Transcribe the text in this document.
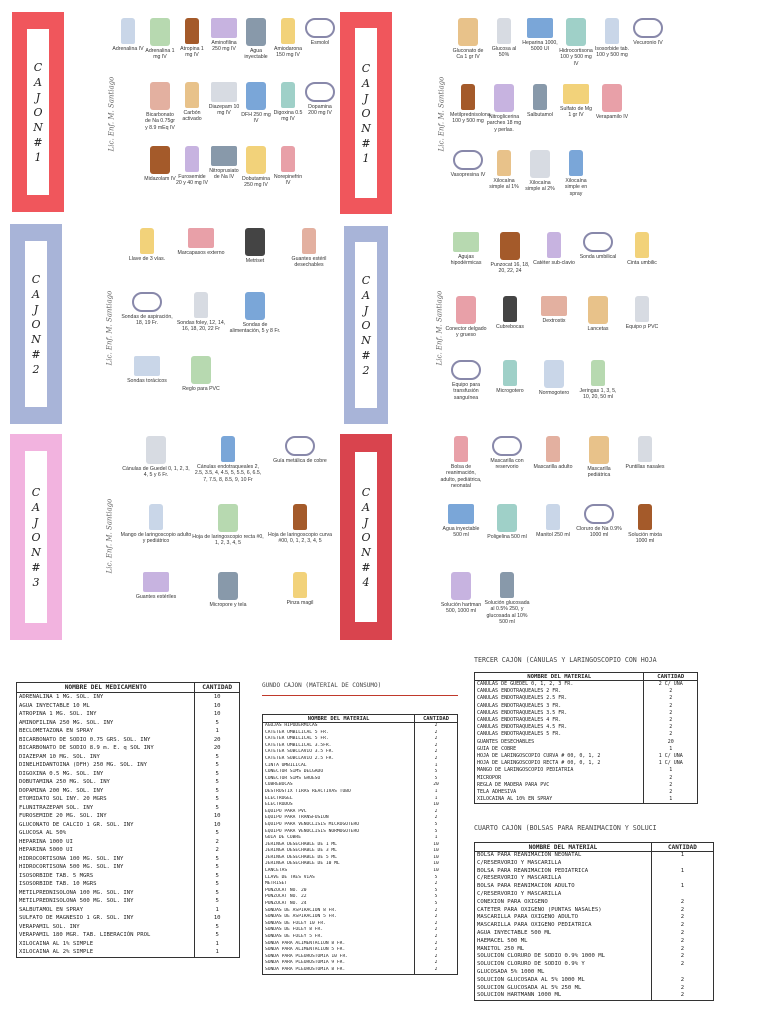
C
A
J
O
N
#
1
Lic. Enf. M. Santiago
Adrenalina IV Adrenalina 1 mg IV
Atropina 1 mg IV
Aminofilina 250 mg IV	Agua inyectable
Amiodarona 150 mg IV
Esmolol
Bicarbonato de Na 0.75gr y 8.9 mEq IV
Carbón activado
Diazepam 10 mg IV	DFH 250 mg IV
Digoxina 0.5 mg IV
Dopamina 200 mg IV
Midazolam IV Furosemide 20 y 40 mg IV
Nitroprusiato de Na IV	Dobutamina 250 mg IV
Norepinefrin IV
C
A
J
O
N
#
1
Lic. Enf. M. Santiago
Gluconato de Ca 1 gr IV
Glucosa al 50%
Heparina 1000, 5000 UI	Hidrocortisona 100 y 500 mg IV
Isosorbide tab. 100 y 500 mg
Vecuronio IV
Metilprednisolona 100 y 500 mg
Nitroglicerina parches 18 mg y perlas.
Salbutamol
Sulfato de Mg 1 gr IV	Verapamilo IV
Vasopresina IV
Xilocaína simple al 1%
Xilocaína simple al 2%
Xilocaína simple en spray
C
A
J
O
N
#
2
Lic. Enf. M. Santiago
Llave de 3 vías.
Marcapasos externo
Metriset	Guantes estéril desechables
Sondas de aspiración, 18, 19 Fr.	Sondas foley, 12, 14, 16, 18, 20, 22 Fr
Sondas de alimentación, 5 y 8 Fr.
Sondas torácicos
Reglo para PVC
C
A
J
O
N
#
2
Lic. Enf. M. Santiago
Agujas hipodérmicas	Punzocat 16, 18, 20, 22, 24
Catéter sub-clavio
Sonda umbilical
Cinta umbilic
Conector delgado y grueso
Cubrebocas
Dextrostix
Lancetas	Equipo p PVC
Equipo para transfusión sanguínea
Microgotero	Normogotero	Jeringas 1, 3, 5, 10, 20, 50 ml
C
A
J
O
N
#
3
Lic. Enf. M. Santiago
Cánulas de Guedel 0, 1, 2, 3, 4, 5 y 6 Fr.
Cánulas endotraqueales 2, 2.5, 3.5, 4, 4.5, 5, 5.5, 6, 6.5, 7, 7.5, 8, 8.5, 9, 10 Fr
Guía metálica de cobre
Mango de laringoscopio adulto y pediátrico
Hoja de laringoscopio recta #0, 1, 2, 3, 4, 5
Hoja de laringoscopio curva #00, 0, 1, 2, 3, 4, 5
Guantes estériles
Micropore y tela	Pinza magil
C
A
J
O
N
#
4
Bolsa de reanimación, adulto, pediátrica, neonatal
Mascarilla con reservorio	Mascarilla adulto	Mascarilla pediátrica
Puntillas nasales
Agua inyectable 500 ml	Poligelina 500 ml	Manitol 250 ml
Cloruro de Na 0.9% 1000 ml	Solución mixta 1000 ml
Solución hartman 500, 1000 ml
Solución glucosada al 0.5% 250, y glucosada al 10% 500 ml
NOMBRE DEL MEDICAMENTO	CANTIDAD
ADRENALINA 1 MG. SOL. INY	10
AGUA INYECTABLE 10 ML	10
ATROPINA 1 MG. SOL. INY	10
AMINOFILINA 250 MG. SOL. INY	5
BECLOMETAZONA EN SPRAY	1
BICARBONATO DE SODIO 0.75 GRS. SOL. INY	20
BICARBONATO DE SODIO 8.9 m. E. q SOL INY	20
DIAZEPAM 10 MG. SOL. INY	5
DINELHIDANTOINA (DFH) 250 MG. SOL. INY	5
DIGOXINA 0.5 MG. SOL. INY	5
DOBUTAMINA 250 MG. SOL. INY	5
DOPAMINA 200 MG. SOL. INY	5
ETOMIDATO SOL INY. 20 MGRS	5
FLUNITRAZEPAM SOL. INY	5
FUROSEMIDE 20 MG. SOL. INY	10
GLUCONATO DE CALCIO 1 GR. SOL. INY	10
GLUCOSA AL 50%	5
HEPARINA 1000 UI	2
HEPARINA 5000 UI	2
HIDROCORTISONA 100 MG. SOL. INY	5
HIDROCORTISONA 500 MG. SOL. INY	5
ISOSORBIDE TAB. 5 MGRS	5
ISOSORBIDE TAB. 10 MGRS	5
METILPREDNISOLONA 100 MG. SOL. INY	5
METILPREDNISOLONA 500 MG. SOL. INY	5
SALBUTAMOL EN SPRAY	1
SULFATO DE MAGNESIO 1 GR. SOL. INY	10
VERAPAMIL SOL. INY	5
VERAPAMIL 180 MGR. TAB. LIBERACIÓN PROL	5
XILOCAINA AL 1% SIMPLE	1
XILOCAINA AL 2% SIMPLE	1
GUNDO CAJÓN (MATERIAL DE CONSUMO)
NOMBRE DEL MATERIAL	CANTIDAD
AGUJAS HIPODERMICAS	2
CATETER UMBILICAL 5 FR.	2
CATETER UMBILICAL 5 FR.	2
CATETER UMBILICAL 3.5FR.	2
CATETER SUBCLAVIO 3.5 FR.	2
CATETER SUBCLAVIO 2.5 FR.	2
CINTA UMBILICAL	1
CONECTOR SIMS DELGADO	5
CONECTOR SIMS GRUESO	5
CUBREBOCAS	20
DESTROSTIX TIRAS REACTIVAS TUBO	1
ELECTROGEL	1
ELECTRODOS	10
EQUIPO PARA PVC	2
EQUIPO PARA TRANSFUSION	2
EQUIPO PARA VENOCLISIS MICROGOTERO	5
EQUIPO PARA VENOCLISIS NORMOGOTERO	5
GUIA DE COBRE	1
JERINGA DESECHABLE DE 1 ML	10
JERINGA DESECHABLE DE 3 ML	10
JERINGA DESECHABLE DE 5 ML	10
JERINGA DESECHABLE DE 10 ML	10
LANCETAS	10
LLAVE DE TRES VIAS	5
METRISET	2
PUNZOCAT NO. 20	5
PUNZOCAT NO. 22	5
PUNZOCAT NO. 24	5
SONDAS DE ASPIRACION 8 FR.	2
SONDAS DE ASPIRACION 5 FR.	2
SONDAS DE FOLEY 10 FR.	2
SONDAS DE FOLEY 8 FR.	2
SONDAS DE FOLEY 5 FR.	2
SONDA PARA ALIMENTACION 8 FR.	2
SONDA PARA ALIMENTACION 5 FR.	2
SONDA PARA PLEUROSTOMIA 10 FR.	2
SONDA PARA PLEUROSTOMIA 9 FR.	2
SONDA PARA PLEUROSTOMIA 8 FR.	2
TERCER CAJÓN (CÁNULAS Y LARINGOSCOPIO CON HOJA
NOMBRE DEL MATERIAL	CANTIDAD
CANULAS DE GUEDEL 0, 1, 2, 3 FR.	2 C/ UNA
CANULAS ENDOTRAQUEALES 2 FR.	2
CANULAS ENDOTRAQUEALES 2.5 FR.	2
CANULAS ENDOTRAQUEALES 3 FR.	2
CANULAS ENDOTRAQUEALES 3.5 FR.	2
CANULAS ENDOTRAQUEALES 4 FR.	2
CANULAS ENDOTRAQUEALES 4.5 FR.	2
CANULAS ENDOTRAQUEALES 5 FR.	2
GUANTES DESECHABLES	20
GUIA DE COBRE	1
HOJA DE LARINGOSCOPIO CURVA # 00, 0, 1, 2	1 C/ UNA
HOJA DE LARINGOSCOPIO RECTA # 00, 0, 1, 2	1 C/ UNA
MANGO DE LARINGOSCOPIO PEDIATRIA	1
MICROPOR	2
REGLA DE MADERA PARA PVC	2
TELA ADHESIVA	2
XILOCAINA AL 10% EN SPRAY	1
CUARTO CAJÓN (BOLSAS PARA REANIMACIÓN Y SOLUCI
NOMBRE DEL MATERIAL	CANTIDAD
BOLSA PARA REANIMACIÓN NEONATAL	1
C/RESERVORIO Y MASCARILLA	
BOLSA PARA REANIMACIÓN PEDIÁTRICA	1
C/RESERVORIO Y MASCARILLA	
BOLSA PARA REANIMACIÓN ADULTO	1
C/RESERVORIO Y MASCARILLA	
CONEXION PARA OXIGENO	2
CATETER PARA OXIGENO (PUNTAS NASALES)	2
MASCARILLA PARA OXIGENO ADULTO	2
MASCARILLA PARA OXIGENO PEDIATRICA	2
AGUA INYECTABLE 500 ML	2
HAEMACEL 500 ML	2
MANITOL 250 ML	2
SOLUCION CLORURO DE SODIO 0.9% 1000 ML	2
SOLUCION CLORURO DE SODIO 0.9% Y	2
GLUCOSADA 5% 1000 ML	
SOLUCION GLUCOSADA AL 5% 1000 ML	2
SOLUCION GLUCOSADA AL 5% 250 ML	2
SOLUCION HARTMANN 1000 ML	2
